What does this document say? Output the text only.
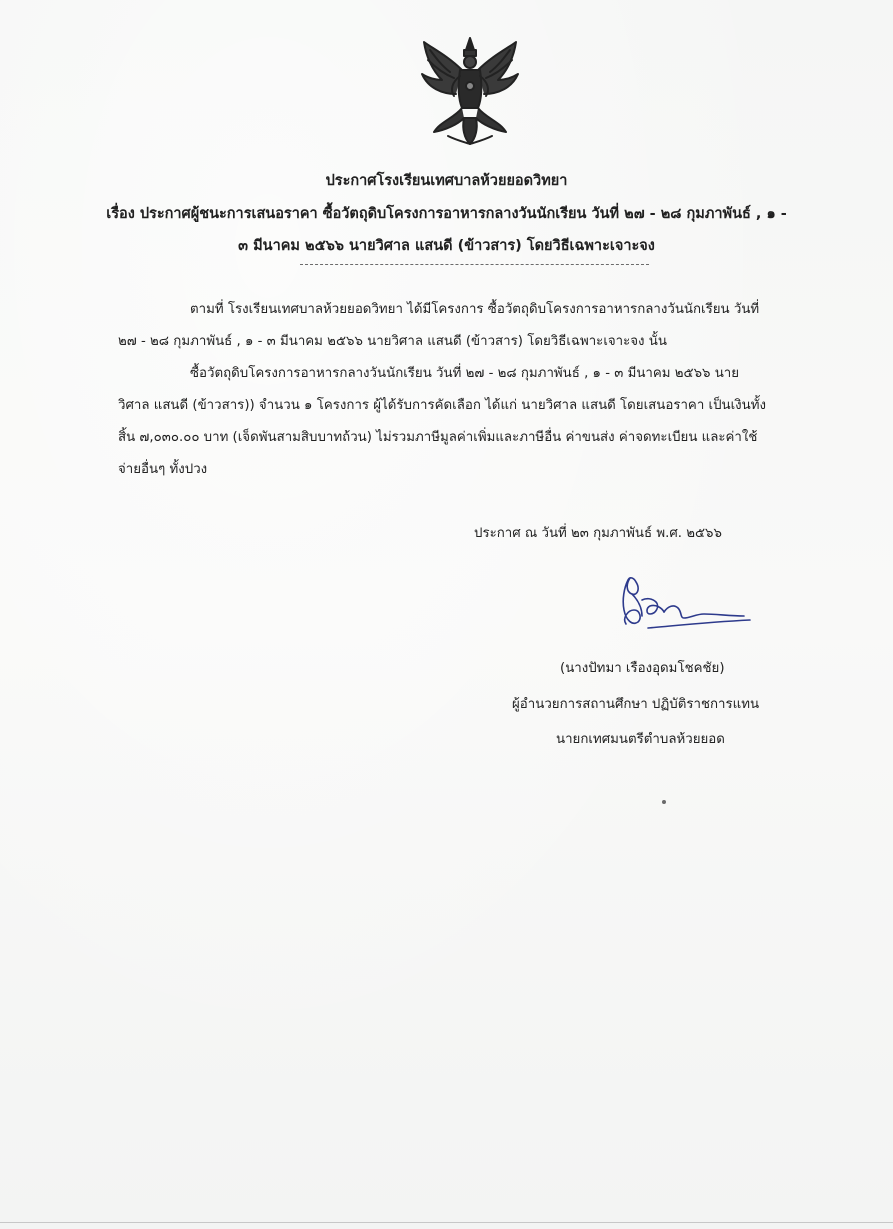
ประกาศโรงเรียนเทศบาลห้วยยอดวิทยา
เรื่อง ประกาศผู้ชนะการเสนอราคา ซื้อวัตถุดิบโครงการอาหารกลางวันนักเรียน วันที่ ๒๗ - ๒๘ กุมภาพันธ์ , ๑ -
๓ มีนาคม ๒๕๖๖ นายวิศาล แสนดี (ข้าวสาร) โดยวิธีเฉพาะเจาะจง
ตามที่ โรงเรียนเทศบาลห้วยยอดวิทยา ได้มีโครงการ ซื้อวัตถุดิบโครงการอาหารกลางวันนักเรียน วันที่
๒๗ - ๒๘ กุมภาพันธ์ , ๑ - ๓ มีนาคม ๒๕๖๖ นายวิศาล แสนดี (ข้าวสาร) โดยวิธีเฉพาะเจาะจง นั้น
ซื้อวัตถุดิบโครงการอาหารกลางวันนักเรียน วันที่ ๒๗ - ๒๘ กุมภาพันธ์ , ๑ - ๓ มีนาคม ๒๕๖๖ นาย
วิศาล แสนดี (ข้าวสาร)) จำนวน ๑ โครงการ ผู้ได้รับการคัดเลือก ได้แก่ นายวิศาล แสนดี โดยเสนอราคา เป็นเงินทั้ง
สิ้น ๗,๐๓๐.๐๐ บาท (เจ็ดพันสามสิบบาทถ้วน) ไม่รวมภาษีมูลค่าเพิ่มและภาษีอื่น ค่าขนส่ง ค่าจดทะเบียน และค่าใช้
จ่ายอื่นๆ ทั้งปวง
ประกาศ ณ วันที่ ๒๓ กุมภาพันธ์ พ.ศ. ๒๕๖๖
(นางปัทมา เรืองอุดมโชคชัย)
ผู้อำนวยการสถานศึกษา ปฏิบัติราชการแทน
นายกเทศมนตรีตำบลห้วยยอด
